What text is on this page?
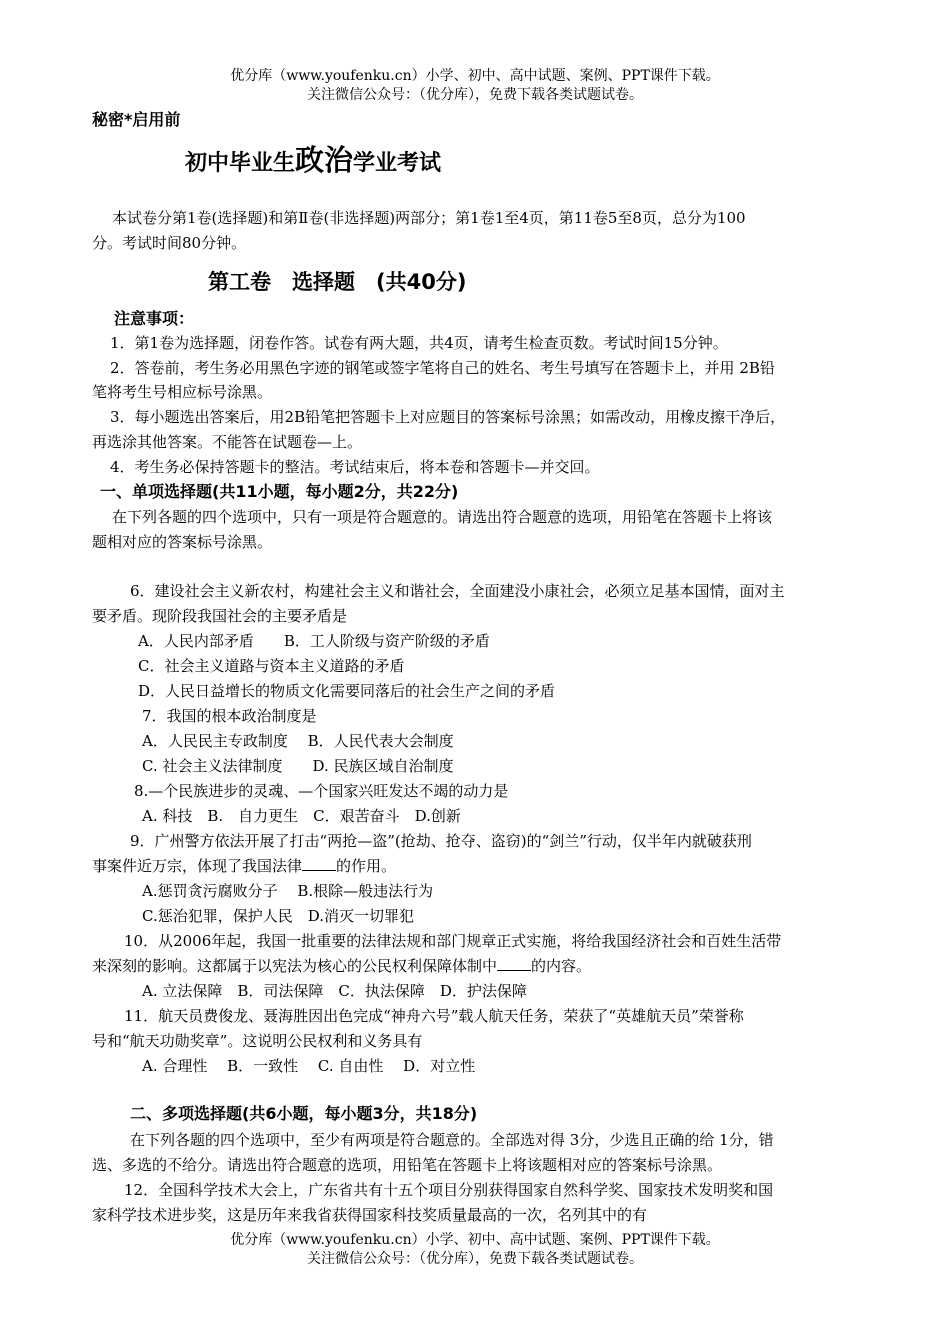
优分库（www.youfenku.cn）小学、初中、高中试题、案例、PPT课件下载。
关注微信公众号：（优分库），免费下载各类试题试卷。
秘密*启用前
初中毕业生政治学业考试
本试卷分第1卷(选择题)和第Ⅱ卷(非选择题)两部分；第1卷1至4页，第11卷5至8页，总分为100
分。考试时间80分钟。
第工卷　选择题　(共40分)
注意事项：
1．第1卷为选择题，闭卷作答。试卷有两大题，共4页，请考生检查页数。考试时间15分钟。
2．答卷前，考生务必用黑色字迹的钢笔或签字笔将自己的姓名、考生号填写在答题卡上，并用 2B铅
笔将考生号相应标号涂黑。
3．每小题选出答案后，用2B铅笔把答题卡上对应题目的答案标号涂黑；如需改动，用橡皮擦干净后，
再选涂其他答案。不能答在试题卷—上。
4．考生务必保持答题卡的整洁。考试结束后，将本卷和答题卡—并交回。
一、单项选择题(共11小题，每小题2分，共22分)
在下列各题的四个选项中，只有一项是符合题意的。请选出符合题意的选项，用铅笔在答题卡上将该
题相对应的答案标号涂黑。
6．建设社会主义新农村，构建社会主义和谐社会，全面建没小康社会，必须立足基本国情，面对主
要矛盾。现阶段我国社会的主要矛盾是
A．人民内部矛盾　　B．工人阶级与资产阶级的矛盾
C．社会主义道路与资本主义道路的矛盾
D．人民日益增长的物质文化需要同落后的社会生产之间的矛盾
7．我国的根本政治制度是
A．人民民主专政制度　 B．人民代表大会制度
C. 社会主义法律制度　　D. 民族区域自治制度
8.—个民族进步的灵魂、—个国家兴旺发达不竭的动力是
A. 科技　B.　自力更生　C．艰苦奋斗　D.创新
9．广州警方依法开展了打击“两抢—盗”(抢劫、抢夺、盗窃)的“剑兰”行动，仅半年内就破获刑
事案件近万宗，体现了我国法律 的作用。
A.惩罚贪污腐败分子　 B.根除—般违法行为
C.惩治犯罪，保护人民　D.消灭一切罪犯
10．从2006年起，我国一批重要的法律法规和部门规章正式实施，将给我国经济社会和百姓生活带
来深刻的影响。这都属于以宪法为核心的公民权利保障体制中 的内容。
A. 立法保障　B．司法保障　C．执法保障　D．护法保障
11．航天员费俊龙、聂海胜因出色完成“神舟六号”载人航天任务，荣获了“英雄航天员”荣誉称
号和“航天功勋奖章”。这说明公民权利和义务具有
A. 合理性　 B．一致性　 C. 自由性　 D．对立性
二、多项选择题(共6小题，每小题3分，共18分)
在下列各题的四个选项中，至少有两项是符合题意的。全部选对得 3分，少选且正确的给 1分，错
选、多选的不给分。请选出符合题意的选项，用铅笔在答题卡上将该题相对应的答案标号涂黑。
12．全国科学技术大会上，广东省共有十五个项目分别获得国家自然科学奖、国家技术发明奖和国
家科学技术进步奖，这是历年来我省获得国家科技奖质量最高的一次，名列其中的有
优分库（www.youfenku.cn）小学、初中、高中试题、案例、PPT课件下载。
关注微信公众号：（优分库），免费下载各类试题试卷。
